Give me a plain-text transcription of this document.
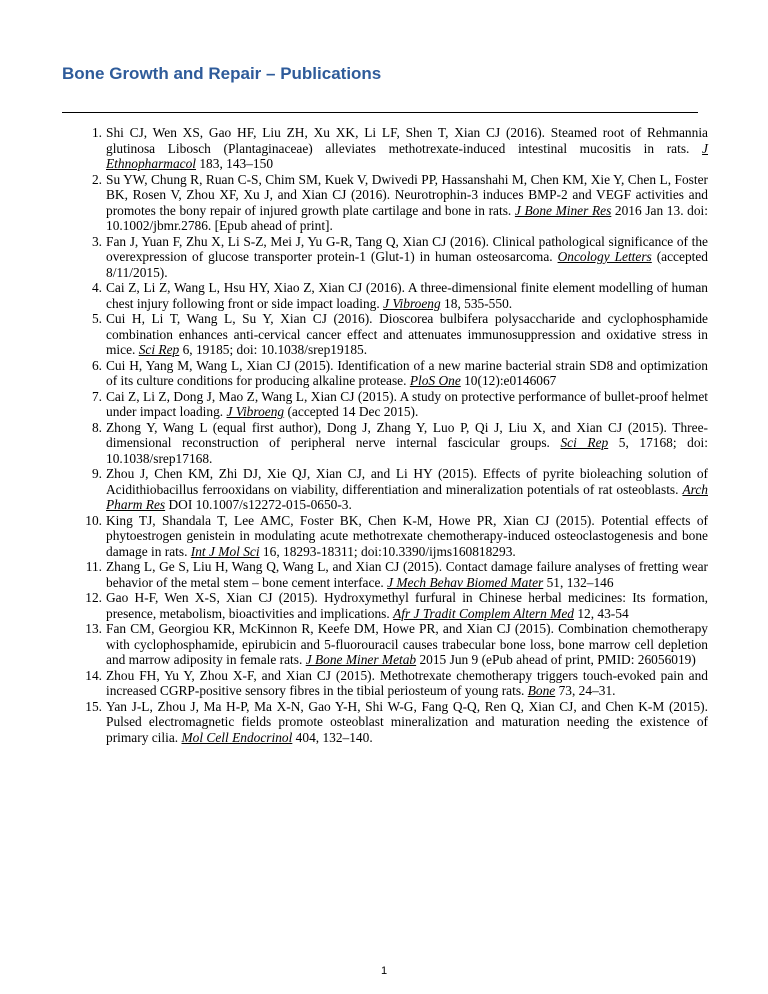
Bone Growth and Repair – Publications
1. Shi CJ, Wen XS, Gao HF, Liu ZH, Xu XK, Li LF, Shen T, Xian CJ (2016). Steamed root of Rehmannia glutinosa Libosch (Plantaginaceae) alleviates methotrexate-induced intestinal mucositis in rats. J Ethnopharmacol 183, 143–150
2. Su YW, Chung R, Ruan C-S, Chim SM, Kuek V, Dwivedi PP, Hassanshahi M, Chen KM, Xie Y, Chen L, Foster BK, Rosen V, Zhou XF, Xu J, and Xian CJ (2016). Neurotrophin-3 induces BMP-2 and VEGF activities and promotes the bony repair of injured growth plate cartilage and bone in rats. J Bone Miner Res 2016 Jan 13. doi: 10.1002/jbmr.2786. [Epub ahead of print].
3. Fan J, Yuan F, Zhu X, Li S-Z, Mei J, Yu G-R, Tang Q, Xian CJ (2016). Clinical pathological significance of the overexpression of glucose transporter protein-1 (Glut-1) in human osteosarcoma. Oncology Letters (accepted 8/11/2015).
4. Cai Z, Li Z, Wang L, Hsu HY, Xiao Z, Xian CJ (2016). A three-dimensional finite element modelling of human chest injury following front or side impact loading. J Vibroeng 18, 535-550.
5. Cui H, Li T, Wang L, Su Y, Xian CJ (2016). Dioscorea bulbifera polysaccharide and cyclophosphamide combination enhances anti-cervical cancer effect and attenuates immunosuppression and oxidative stress in mice. Sci Rep 6, 19185; doi: 10.1038/srep19185.
6. Cui H, Yang M, Wang L, Xian CJ (2015). Identification of a new marine bacterial strain SD8 and optimization of its culture conditions for producing alkaline protease. PloS One 10(12):e0146067
7. Cai Z, Li Z, Dong J, Mao Z, Wang L, Xian CJ (2015). A study on protective performance of bullet-proof helmet under impact loading. J Vibroeng (accepted 14 Dec 2015).
8. Zhong Y, Wang L (equal first author), Dong J, Zhang Y, Luo P, Qi J, Liu X, and Xian CJ (2015). Three-dimensional reconstruction of peripheral nerve internal fascicular groups. Sci Rep 5, 17168; doi: 10.1038/srep17168.
9. Zhou J, Chen KM, Zhi DJ, Xie QJ, Xian CJ, and Li HY (2015). Effects of pyrite bioleaching solution of Acidithiobacillus ferrooxidans on viability, differentiation and mineralization potentials of rat osteoblasts. Arch Pharm Res DOI 10.1007/s12272-015-0650-3.
10. King TJ, Shandala T, Lee AMC, Foster BK, Chen K-M, Howe PR, Xian CJ (2015). Potential effects of phytoestrogen genistein in modulating acute methotrexate chemotherapy-induced osteoclastogenesis and bone damage in rats. Int J Mol Sci 16, 18293-18311; doi:10.3390/ijms160818293.
11. Zhang L, Ge S, Liu H, Wang Q, Wang L, and Xian CJ (2015). Contact damage failure analyses of fretting wear behavior of the metal stem – bone cement interface. J Mech Behav Biomed Mater 51, 132–146
12. Gao H-F, Wen X-S, Xian CJ (2015). Hydroxymethyl furfural in Chinese herbal medicines: Its formation, presence, metabolism, bioactivities and implications. Afr J Tradit Complem Altern Med 12, 43-54
13. Fan CM, Georgiou KR, McKinnon R, Keefe DM, Howe PR, and Xian CJ (2015). Combination chemotherapy with cyclophosphamide, epirubicin and 5-fluorouracil causes trabecular bone loss, bone marrow cell depletion and marrow adiposity in female rats. J Bone Miner Metab 2015 Jun 9 (ePub ahead of print, PMID: 26056019)
14. Zhou FH, Yu Y, Zhou X-F, and Xian CJ (2015). Methotrexate chemotherapy triggers touch-evoked pain and increased CGRP-positive sensory fibres in the tibial periosteum of young rats. Bone 73, 24–31.
15. Yan J-L, Zhou J, Ma H-P, Ma X-N, Gao Y-H, Shi W-G, Fang Q-Q, Ren Q, Xian CJ, and Chen K-M (2015). Pulsed electromagnetic fields promote osteoblast mineralization and maturation needing the existence of primary cilia. Mol Cell Endocrinol 404, 132–140.
1
